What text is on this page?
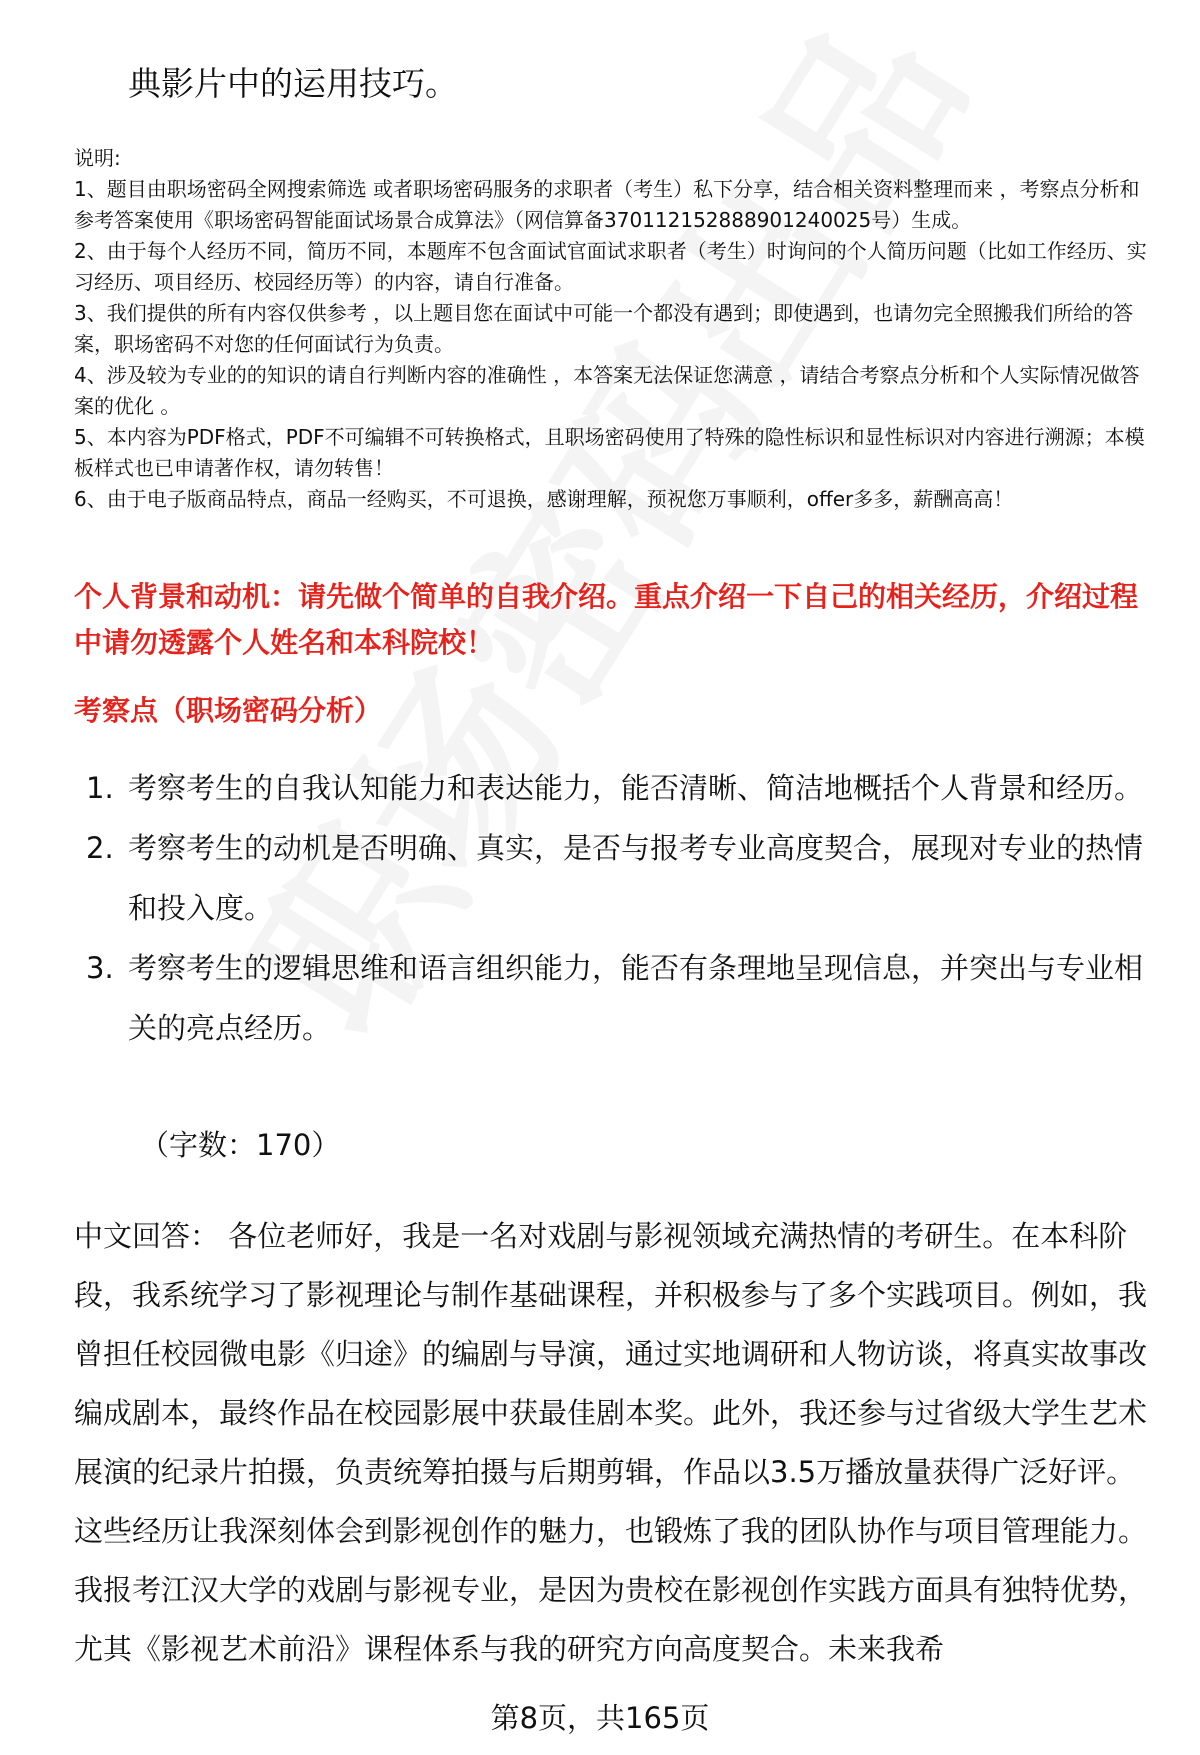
典影片中的运用技巧。

说明:

1、题目由职场密码全网搜索筛选 或者职场密码服务的求职者（考生）私下分享，结合相关资料整理而来 ，考察点分析和参考答案使用《职场密码智能面试场景合成算法》（网信算备370112152888901240025号）生成。

2、由于每个人经历不同，简历不同，本题库不包含面试官面试求职者（考生）时询问的个人简历问题（比如工作经历、实习经历、项目经历、校园经历等）的内容，请自行准备。

3、我们提供的所有内容仅供参考 ，以上题目您在面试中可能一个都没有遇到；即使遇到，也请勿完全照搬我们所给的答案，职场密码不对您的任何面试行为负责。

4、涉及较为专业的的知识的请自行判断内容的准确性 ，本答案无法保证您满意 ，请结合考察点分析和个人实际情况做答案的优化 。

5、本内容为PDF格式，PDF不可编辑不可转换格式，且职场密码使用了特殊的隐性标识和显性标识对内容进行溯源；本模板样式也已申请著作权，请勿转售！

6、由于电子版商品特点，商品一经购买，不可退换，感谢理解，预祝您万事顺利，offer多多，薪酬高高！

个人背景和动机：请先做个简单的自我介绍。重点介绍一下自己的相关经历，介绍过程中请勿透露个人姓名和本科院校！
考察点（职场密码分析）
1. 考察考生的自我认知能力和表达能力，能否清晰、简洁地概括个人背景和经历。
2. 考察考生的动机是否明确、真实，是否与报考专业高度契合，展现对专业的热情和投入度。
3. 考察考生的逻辑思维和语言组织能力，能否有条理地呈现信息，并突出与专业相关的亮点经历。
（字数：170）

中文回答： 各位老师好，我是一名对戏剧与影视领域充满热情的考研生。在本科阶段，我系统学习了影视理论与制作基础课程，并积极参与了多个实践项目。例如，我曾担任校园微电影《归途》的编剧与导演，通过实地调研和人物访谈，将真实故事改编成剧本，最终作品在校园影展中获最佳剧本奖。此外，我还参与过省级大学生艺术展演的纪录片拍摄，负责统筹拍摄与后期剪辑，作品以3.5万播放量获得广泛好评。这些经历让我深刻体会到影视创作的魅力，也锻炼了我的团队协作与项目管理能力。我报考江汉大学的戏剧与影视专业，是因为贵校在影视创作实践方面具有独特优势，尤其《影视艺术前沿》课程体系与我的研究方向高度契合。未来我希

第8页，共165页
